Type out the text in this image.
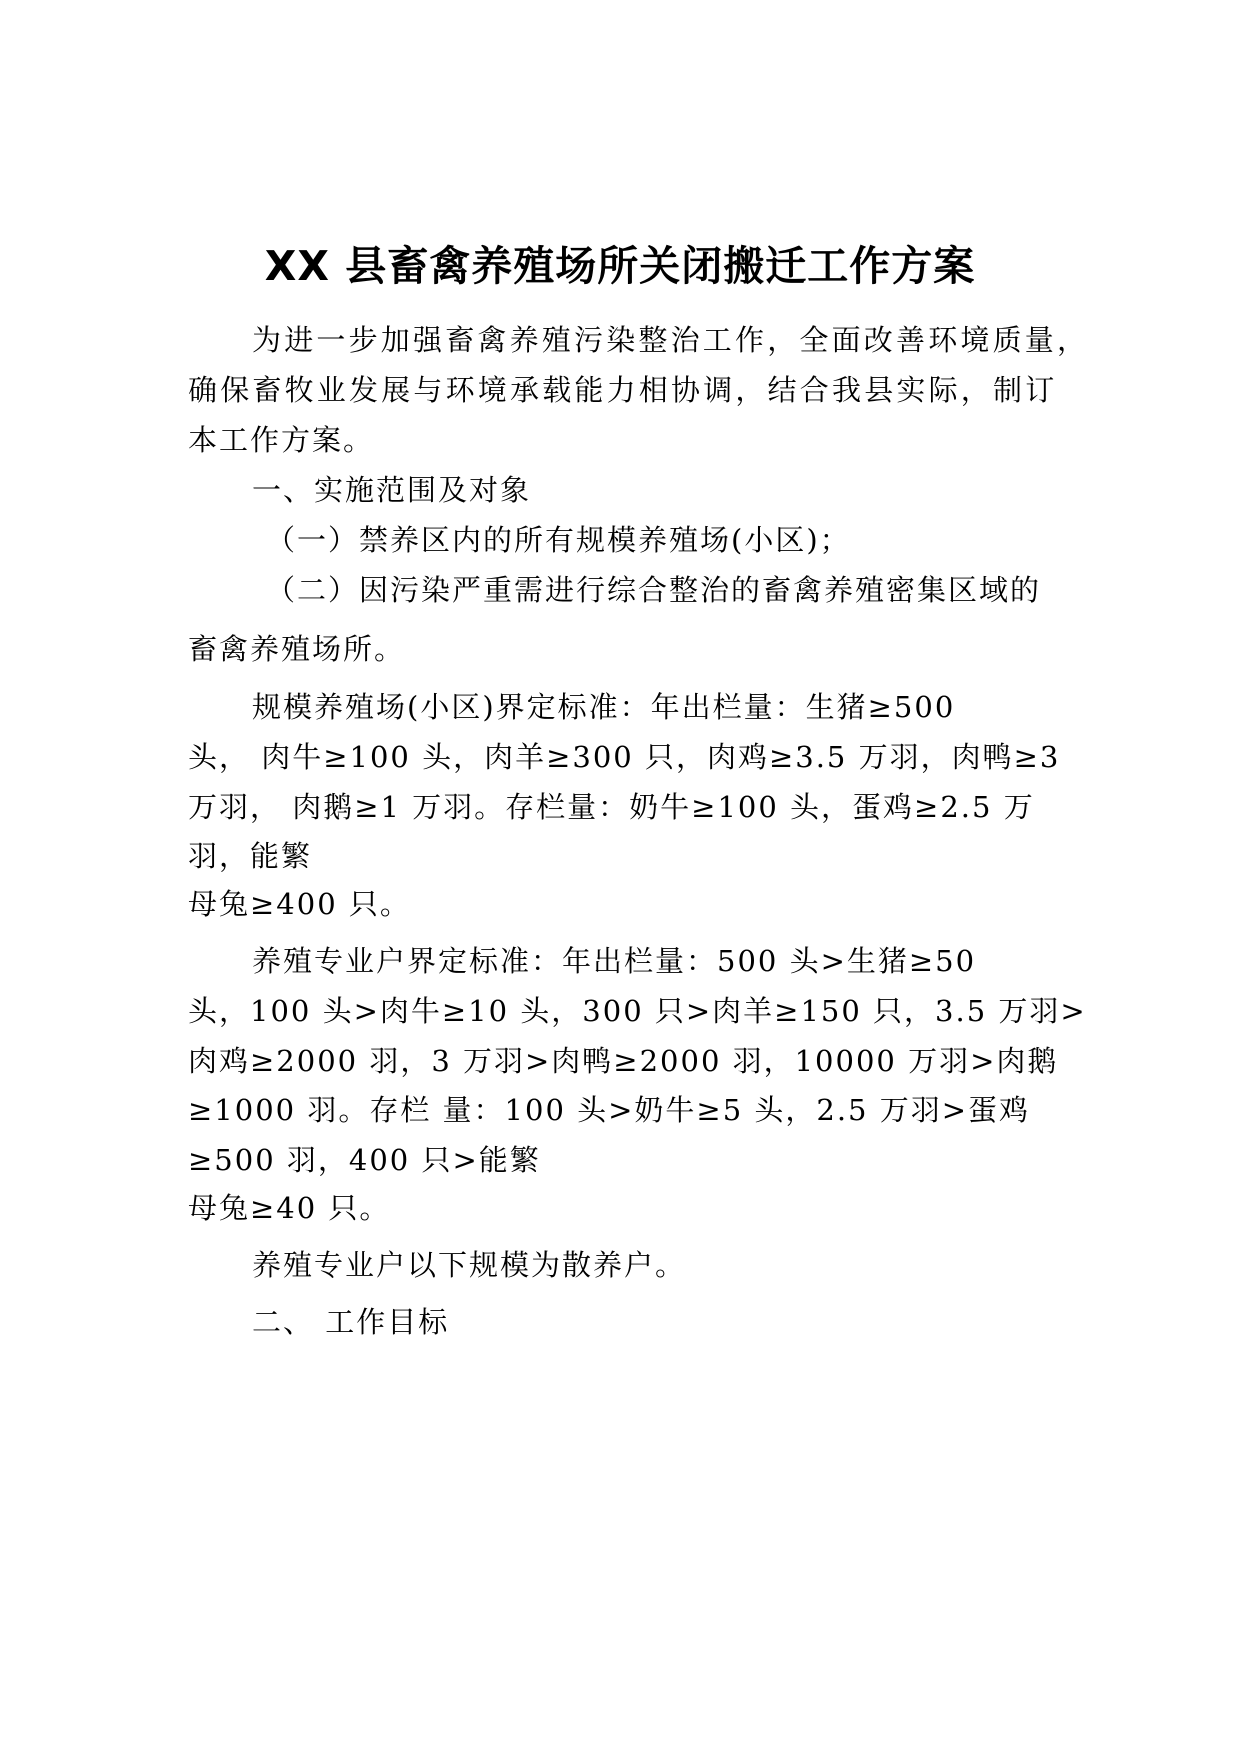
XX 县畜禽养殖场所关闭搬迁工作方案
为进一步加强畜禽养殖污染整治工作，全面改善环境质量，
确保畜牧业发展与环境承载能力相协调，结合我县实际，制订
本工作方案。
一、实施范围及对象
（一）禁养区内的所有规模养殖场(小区)；
（二）因污染严重需进行综合整治的畜禽养殖密集区域的
畜禽养殖场所。
规模养殖场(小区)界定标准：年出栏量：生猪≥500
头， 肉牛≥100 头，肉羊≥300 只，肉鸡≥3.5 万羽，肉鸭≥3
万羽， 肉鹅≥1 万羽。存栏量：奶牛≥100 头，蛋鸡≥2.5 万
羽，能繁
母兔≥400 只。
养殖专业户界定标准：年出栏量：500 头>生猪≥50
头，100 头>肉牛≥10 头，300 只>肉羊≥150 只，3.5 万羽>
肉鸡≥2000 羽，3 万羽>肉鸭≥2000 羽，10000 万羽>肉鹅
≥1000 羽。存栏 量：100 头>奶牛≥5 头，2.5 万羽>蛋鸡
≥500 羽，400 只>能繁
母兔≥40 只。
养殖专业户以下规模为散养户。
二、 工作目标
